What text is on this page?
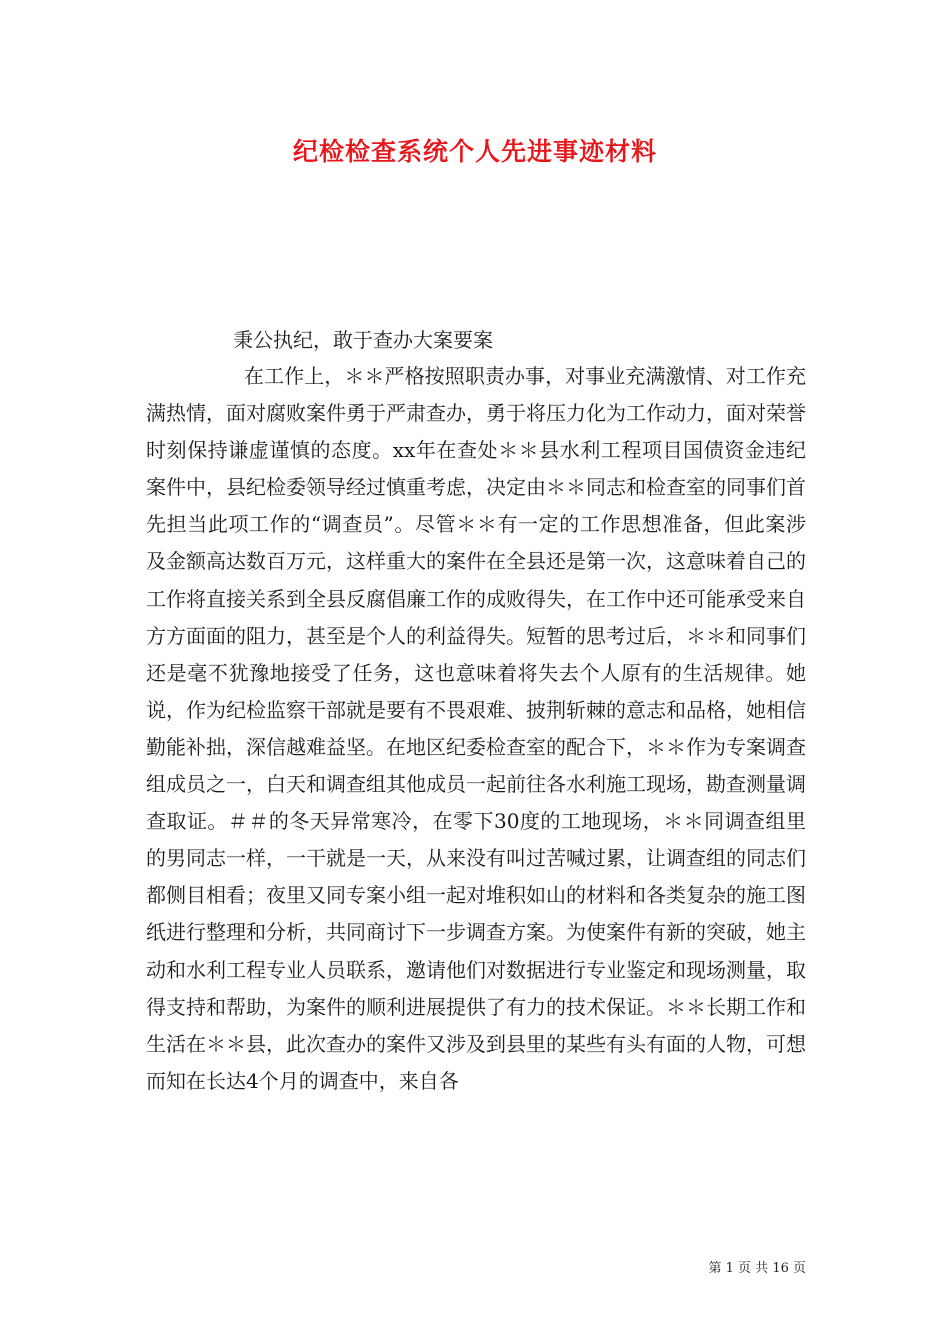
纪检检查系统个人先进事迹材料

秉公执纪，敢于查办大案要案

在工作上，＊＊严格按照职责办事，对事业充满激情、对工作充满热情，面对腐败案件勇于严肃查办，勇于将压力化为工作动力，面对荣誉时刻保持谦虚谨慎的态度。xx年在查处＊＊县水利工程项目国债资金违纪案件中，县纪检委领导经过慎重考虑，决定由＊＊同志和检查室的同事们首先担当此项工作的“调查员”。尽管＊＊有一定的工作思想准备，但此案涉及金额高达数百万元，这样重大的案件在全县还是第一次，这意味着自己的工作将直接关系到全县反腐倡廉工作的成败得失，在工作中还可能承受来自方方面面的阻力，甚至是个人的利益得失。短暂的思考过后，＊＊和同事们还是毫不犹豫地接受了任务，这也意味着将失去个人原有的生活规律。她说，作为纪检监察干部就是要有不畏艰难、披荆斩棘的意志和品格，她相信勤能补拙，深信越难益坚。在地区纪委检查室的配合下，＊＊作为专案调查组成员之一，白天和调查组其他成员一起前往各水利施工现场，勘查测量调查取证。＃＃的冬天异常寒冷，在零下30度的工地现场，＊＊同调查组里的男同志一样，一干就是一天，从来没有叫过苦喊过累，让调查组的同志们都侧目相看；夜里又同专案小组一起对堆积如山的材料和各类复杂的施工图纸进行整理和分析，共同商讨下一步调查方案。为使案件有新的突破，她主动和水利工程专业人员联系，邀请他们对数据进行专业鉴定和现场测量，取得支持和帮助，为案件的顺利进展提供了有力的技术保证。＊＊长期工作和生活在＊＊县，此次查办的案件又涉及到县里的某些有头有面的人物，可想而知在长达4个月的调查中，来自各

第 1 页 共 16 页
